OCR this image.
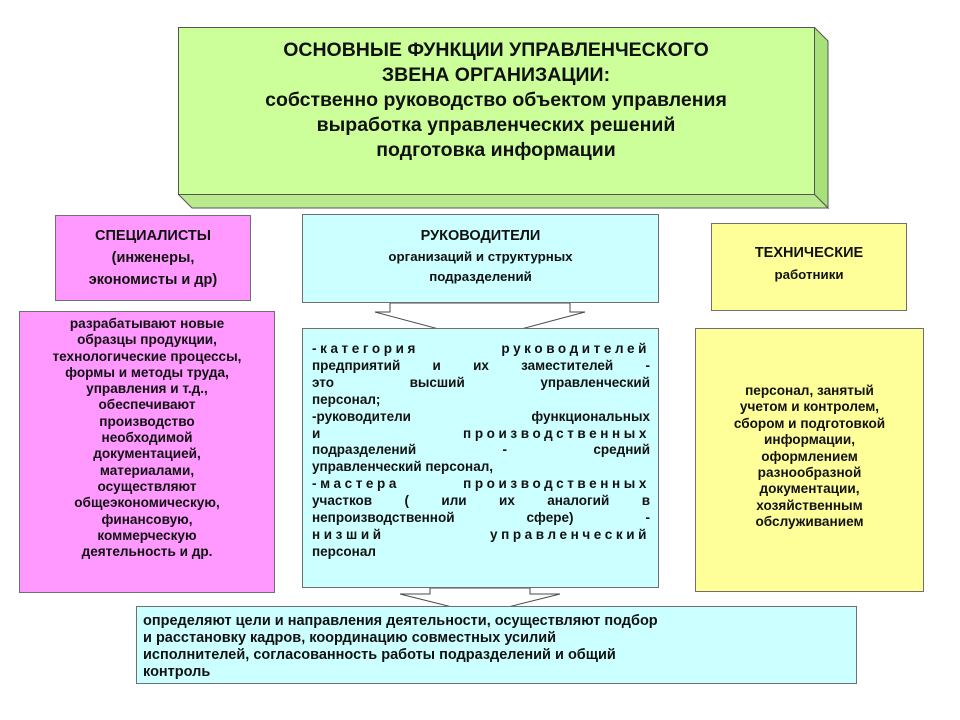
ОСНОВНЫЕ ФУНКЦИИ УПРАВЛЕНЧЕСКОГО

ЗВЕНА ОРГАНИЗАЦИИ:

собственно руководство объектом управления

выработка управленческих решений

подготовка информации

СПЕЦИАЛИСТЫ

(инженеры,

экономисты и др)

РУКОВОДИТЕЛИ

организаций и структурных

подразделений

ТЕХНИЧЕСКИЕ

работники

разрабатывают новые

образцы продукции,

технологические процессы,

формы и методы труда,

управления и т.д.,

обеспечивают

производство

необходимой

документацией,

материалами,

осуществляют

общеэкономическую,

финансовую,

коммерческую

деятельность и др.

-категория руководителей

предприятий и их заместителей -

это высший управленческий

персонал;

-руководители функциональных

и производственных

подразделений - средний

управленческий персонал,

-мастера производственных

участков ( или их аналогий в

непроизводственной сфере) -

низший управленческий

персонал

персонал, занятый

учетом и контролем,

сбором и подготовкой

информации,

оформлением

разнообразной

документации,

хозяйственным

обслуживанием

определяют цели и направления деятельности, осуществляют подбор

и расстановку кадров, координацию совместных усилий

исполнителей, согласованность работы подразделений и общий

контроль
